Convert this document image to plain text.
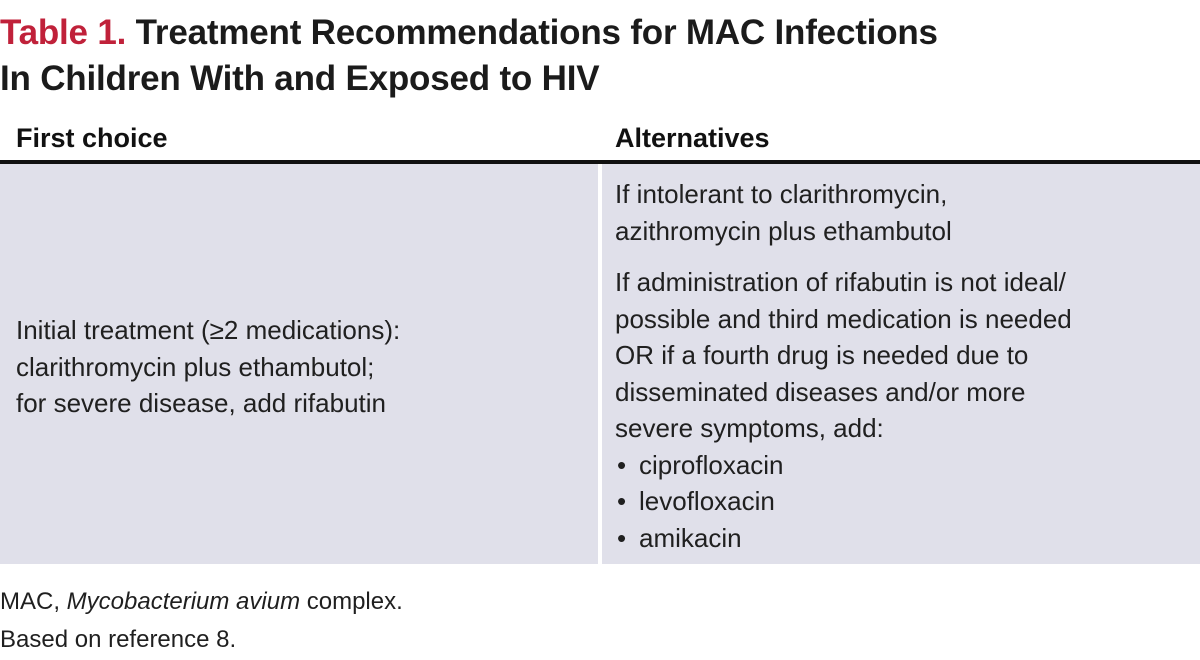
Table 1. Treatment Recommendations for MAC Infections
In Children With and Exposed to HIV
First choice	Alternatives
Initial treatment (≥2 medications):
clarithromycin plus ethambutol;
for severe disease, add rifabutin

If intolerant to clarithromycin,
azithromycin plus ethambutol

If administration of rifabutin is not ideal/
possible and third medication is needed
OR if a fourth drug is needed due to
disseminated diseases and/or more
severe symptoms, add:

• ciprofloxacin
• levofloxacin
• amikacin
MAC, Mycobacterium avium complex.
Based on reference 8.
